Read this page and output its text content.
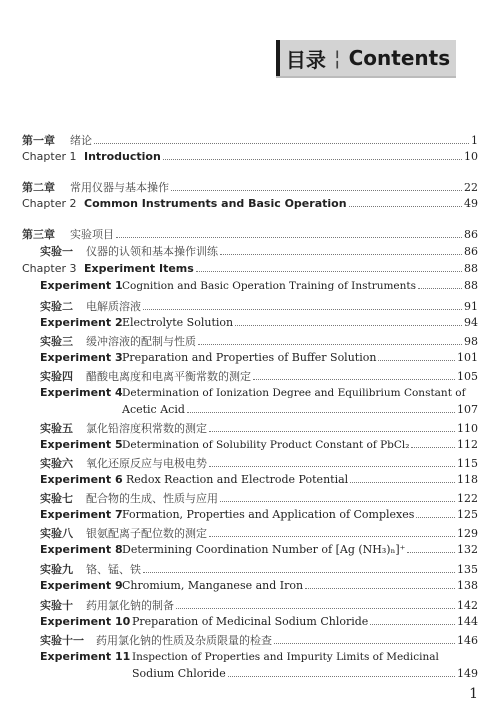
目录 ¦ Contents
第一章	绪论	1
Chapter 1 Introduction	10
第二章	常用仪器与基本操作	22
Chapter 2 Common Instruments and Basic Operation	49
第三章	实验项目	86
实验一	仪器的认领和基本操作训练	86
Chapter 3 Experiment Items	88
Experiment 1 Cognition and Basic Operation Training of Instruments	88
实验二	电解质溶液	91
Experiment 2 Electrolyte Solution	94
实验三	缓冲溶液的配制与性质	98
Experiment 3 Preparation and Properties of Buffer Solution	101
实验四	醋酸电离度和电离平衡常数的测定	105
Experiment 4 Determination of Ionization Degree and Equilibrium Constant of
Acetic Acid	107
实验五	氯化铅溶度积常数的测定	110
Experiment 5 Determination of Solubility Product Constant of PbCl₂	112
实验六	氧化还原反应与电极电势	115
Experiment 6 Redox Reaction and Electrode Potential	118
实验七	配合物的生成、性质与应用	122
Experiment 7 Formation, Properties and Application of Complexes	125
实验八	银氨配离子配位数的测定	129
Experiment 8 Determining Coordination Number of [Ag (NH₃)ₙ]⁺	132
实验九	铬、锰、铁	135
Experiment 9 Chromium, Manganese and Iron	138
实验十	药用氯化钠的制备	142
Experiment 10 Preparation of Medicinal Sodium Chloride	144
实验十一	药用氯化钠的性质及杂质限量的检查	146
Experiment 11 Inspection of Properties and Impurity Limits of Medicinal
Sodium Chloride	149
1
